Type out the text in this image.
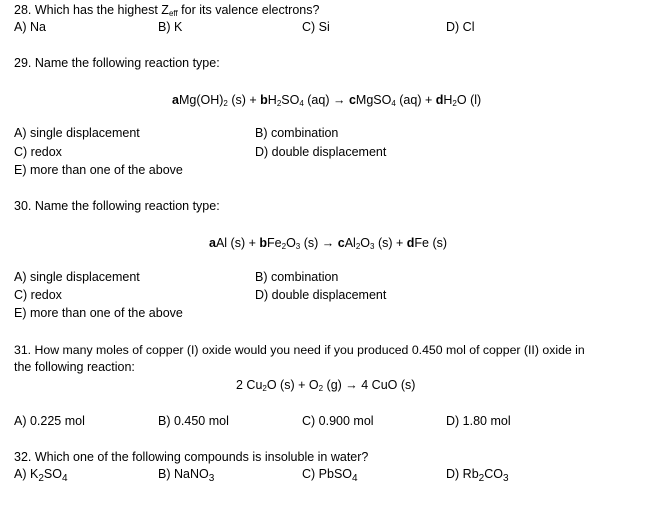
28. Which has the highest $Z_{eff}$ for its valence electrons?
A) Na	B) K	C) Si	D) Cl
29. Name the following reaction type:
$aMg(OH)_2$ $(s) + bH_2SO_4$ (aq) → cMgSO$_4$ $(aq) + dH_2O$ (l)
A) single displacement	B) combination
C) redox	D) double displacement
E) more than one of the above
30. Name the following reaction type:
aAl $(s) + bFe_2O_3$ $(s) \to cAl_2O_3$ (s) + dFe (s)
A) single displacement	B) combination
C) redox	D) double displacement
E) more than one of the above
31. How many moles of copper (I) oxide would you need if you produced 0.450 mol of copper (II) oxide in
the following reaction:
2 $Cu_2O$ $(s) + O_2$ (g) → 4 CuO (s)
A) 0.225 mol	B) 0.450 mol	C) 0.900 mol	D) 1.80 mol
32. Which one of the following compounds is insoluble in water?
A) $K_2SO_4$	B) NaNO$_3$	C) PbSO$_4$	D) $Rb_2CO_3$
